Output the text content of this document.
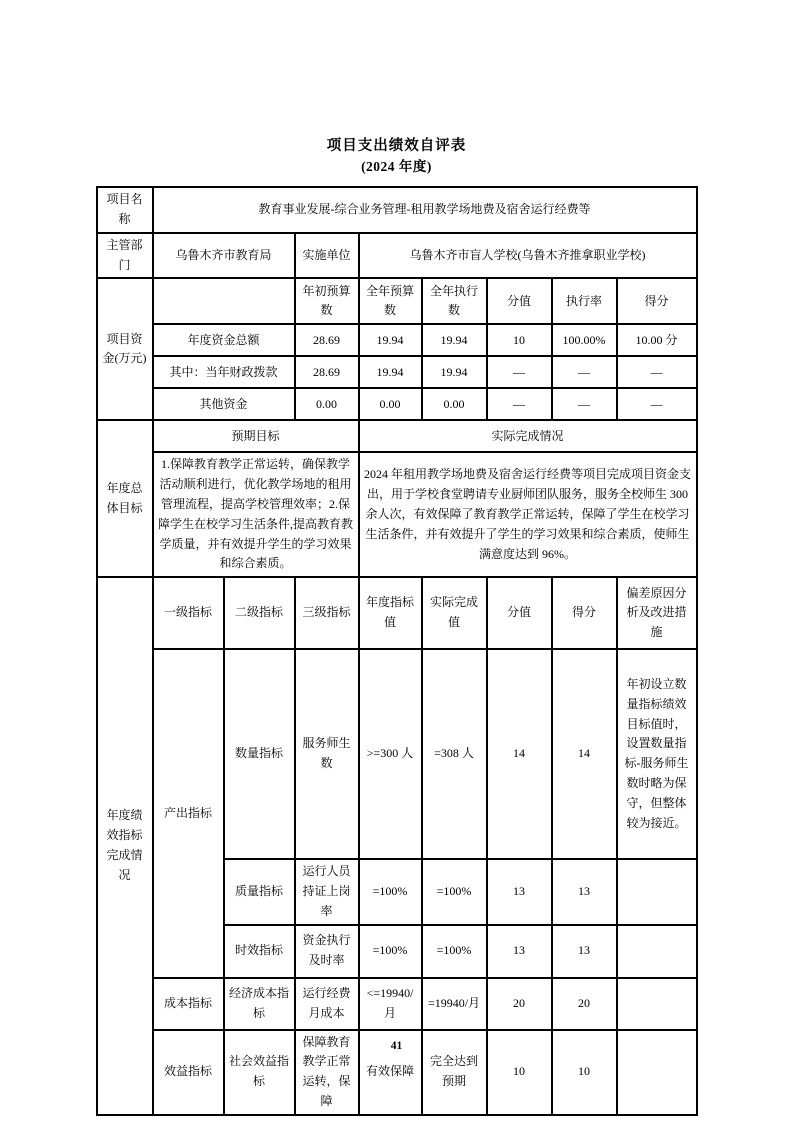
项目支出绩效自评表
(2024 年度)
项目名称	教育事业发展-综合业务管理-租用教学场地费及宿舍运行经费等							
主管部门	乌鲁木齐市教育局		实施单位	乌鲁木齐市盲人学校(乌鲁木齐推拿职业学校)				
项目资金(万元)			年初预算数	全年预算数	全年执行数	分值	执行率	得分
	年度资金总额		28.69	19.94	19.94	10	100.00%	10.00 分
	其中：当年财政拨款		28.69	19.94	19.94	—	—	—
	其他资金		0.00	0.00	0.00	—	—	—
年度总体目标	预期目标			实际完成情况				
	1.保障教育教学正常运转，确保教学活动顺利进行，优化教学场地的租用管理流程，提高学校管理效率；2.保障学生在校学习生活条件,提高教育教学质量，并有效提升学生的学习效果和综合素质。			2024 年租用教学场地费及宿舍运行经费等项目完成项目资金支出，用于学校食堂聘请专业厨师团队服务，服务全校师生 300 余人次，有效保障了教育教学正常运转，保障了学生在校学习生活条件，并有效提升了学生的学习效果和综合素质，使师生满意度达到 96%。				
年度绩效指标完成情况	一级指标	二级指标	三级指标	年度指标值	实际完成值	分值	得分	偏差原因分析及改进措施
	产出指标	数量指标	服务师生数	>=300 人	=308 人	14	14	年初设立数量指标绩效目标值时，设置数量指标-服务师生数时略为保守，但整体较为接近。
		质量指标	运行人员持证上岗率	=100%	=100%	13	13	
		时效指标	资金执行及时率	=100%	=100%	13	13	
	成本指标	经济成本指标	运行经费月成本	<=19940/月	=19940/月	20	20	
	效益指标	社会效益指标	保障教育教学正常运转，保障	有效保障	完全达到预期	10	10	
41
